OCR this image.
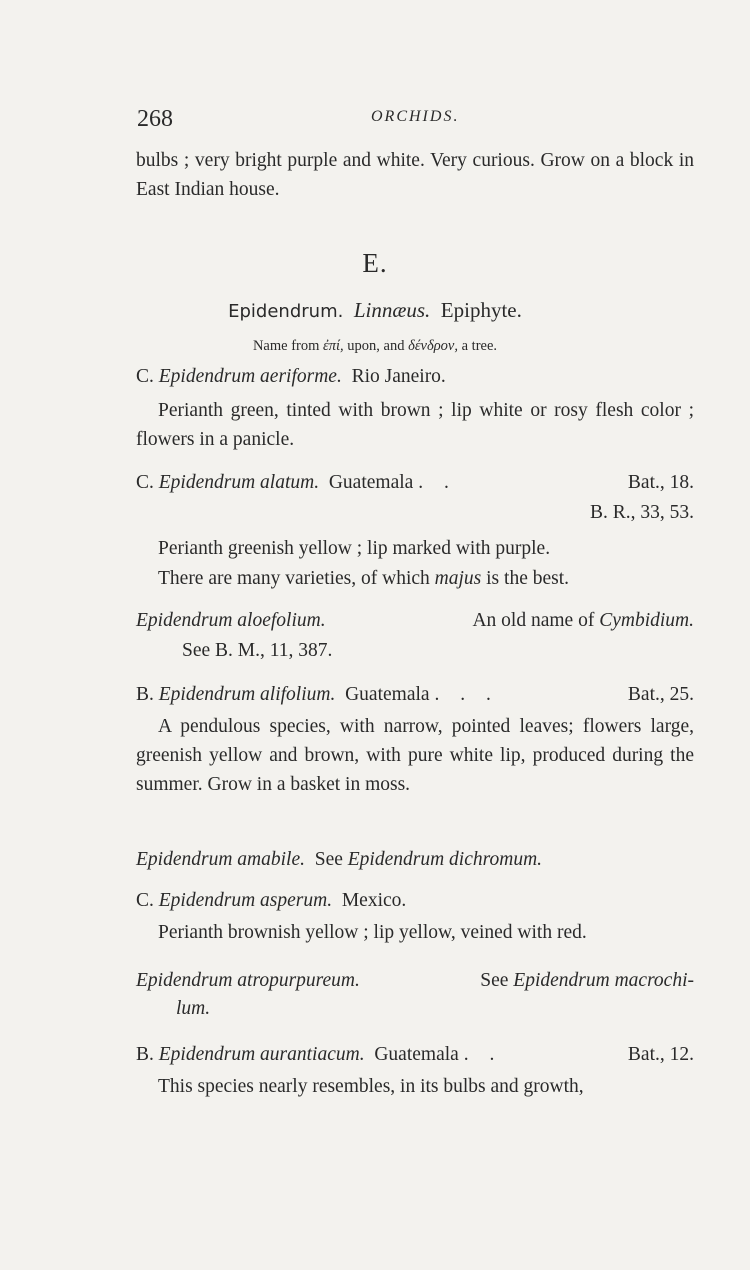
268	ORCHIDS.
bulbs ; very bright purple and white. Very curious. Grow on a block in East Indian house.
E.
Epidendrum. Linnæus. Epiphyte.
Name from ἐπί, upon, and δένδρον, a tree.
C. Epidendrum aeriforme. Rio Janeiro.
Perianth green, tinted with brown ; lip white or rosy flesh color ; flowers in a panicle.
C. Epidendrum alatum. Guatemala . .	Bat., 18.
B. R., 33, 53.
Perianth greenish yellow ; lip marked with purple.
There are many varieties, of which majus is the best.
Epidendrum aloefolium.	An old name of Cymbidium.
See B. M., 11, 387.
B. Epidendrum alifolium. Guatemala . . .	Bat., 25.
A pendulous species, with narrow, pointed leaves; flowers large, greenish yellow and brown, with pure white lip, produced during the summer. Grow in a basket in moss.
Epidendrum amabile. See Epidendrum dichromum.
C. Epidendrum asperum. Mexico.
Perianth brownish yellow ; lip yellow, veined with red.
Epidendrum atropurpureum.	See Epidendrum macrochi-
lum.
B. Epidendrum aurantiacum. Guatemala . .	Bat., 12.
This species nearly resembles, in its bulbs and growth,
